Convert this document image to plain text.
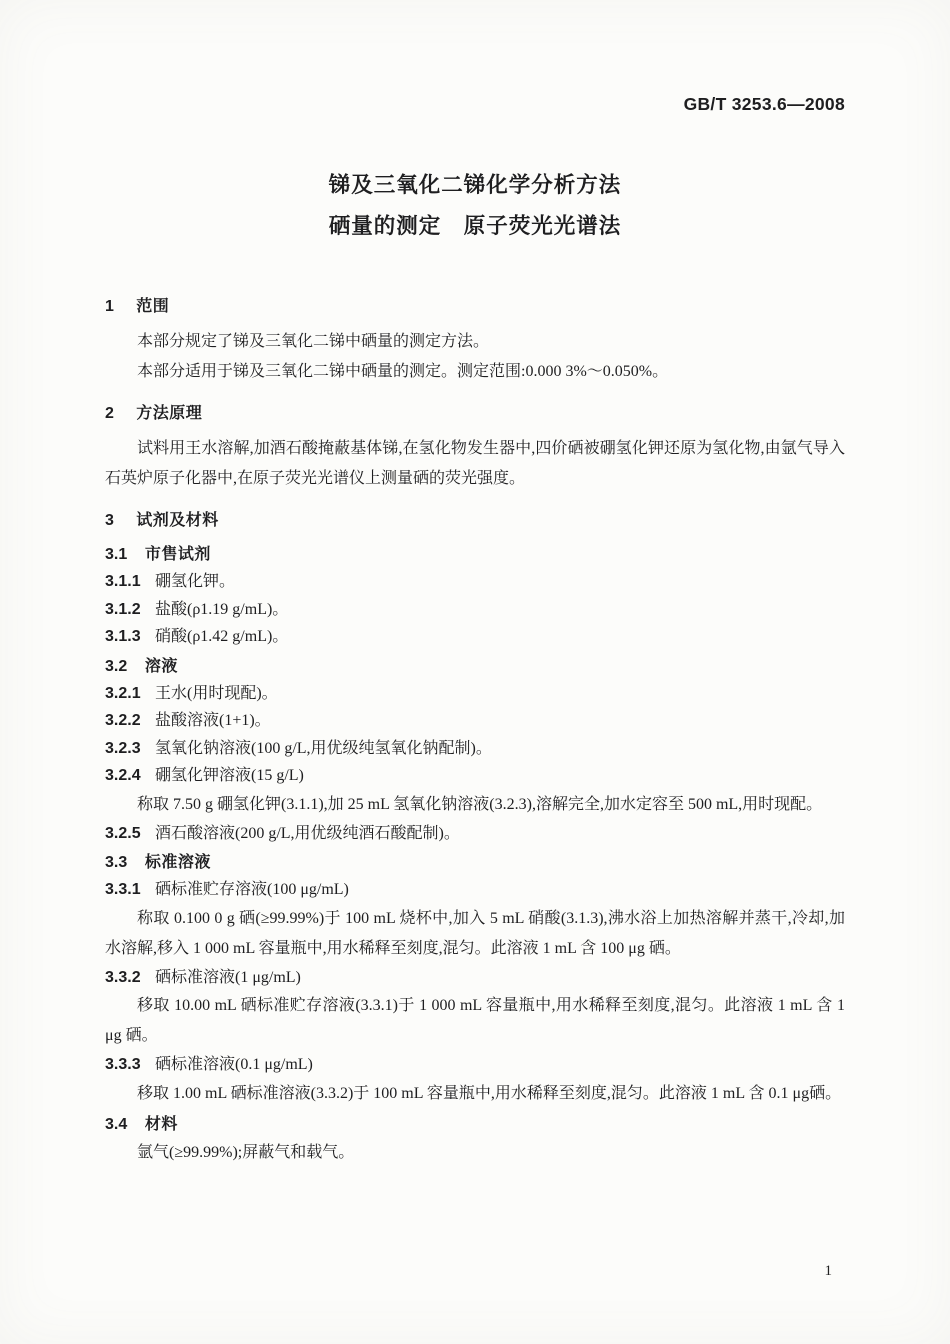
GB/T 3253.6—2008
锑及三氧化二锑化学分析方法
硒量的测定　原子荧光光谱法
1 范围

本部分规定了锑及三氧化二锑中硒量的测定方法。

本部分适用于锑及三氧化二锑中硒量的测定。测定范围:0.000 3%～0.050%。

2 方法原理

试料用王水溶解,加酒石酸掩蔽基体锑,在氢化物发生器中,四价硒被硼氢化钾还原为氢化物,由氩气导入石英炉原子化器中,在原子荧光光谱仪上测量硒的荧光强度。

3 试剂及材料
3.1 市售试剂
3.1.1 硼氢化钾。
3.1.2 盐酸(ρ1.19 g/mL)。
3.1.3 硝酸(ρ1.42 g/mL)。
3.2 溶液
3.2.1 王水(用时现配)。
3.2.2 盐酸溶液(1+1)。
3.2.3 氢氧化钠溶液(100 g/L,用优级纯氢氧化钠配制)。
3.2.4 硼氢化钾溶液(15 g/L)

称取 7.50 g 硼氢化钾(3.1.1),加 25 mL 氢氧化钠溶液(3.2.3),溶解完全,加水定容至 500 mL,用时现配。

3.2.5 酒石酸溶液(200 g/L,用优级纯酒石酸配制)。
3.3 标准溶液
3.3.1 硒标准贮存溶液(100 μg/mL)

称取 0.100 0 g 硒(≥99.99%)于 100 mL 烧杯中,加入 5 mL 硝酸(3.1.3),沸水浴上加热溶解并蒸干,冷却,加水溶解,移入 1 000 mL 容量瓶中,用水稀释至刻度,混匀。此溶液 1 mL 含 100 μg 硒。

3.3.2 硒标准溶液(1 μg/mL)

移取 10.00 mL 硒标准贮存溶液(3.3.1)于 1 000 mL 容量瓶中,用水稀释至刻度,混匀。此溶液 1 mL 含 1 μg 硒。

3.3.3 硒标准溶液(0.1 μg/mL)

移取 1.00 mL 硒标准溶液(3.3.2)于 100 mL 容量瓶中,用水稀释至刻度,混匀。此溶液 1 mL 含 0.1 μg硒。

3.4 材料

氩气(≥99.99%);屏蔽气和载气。

1
